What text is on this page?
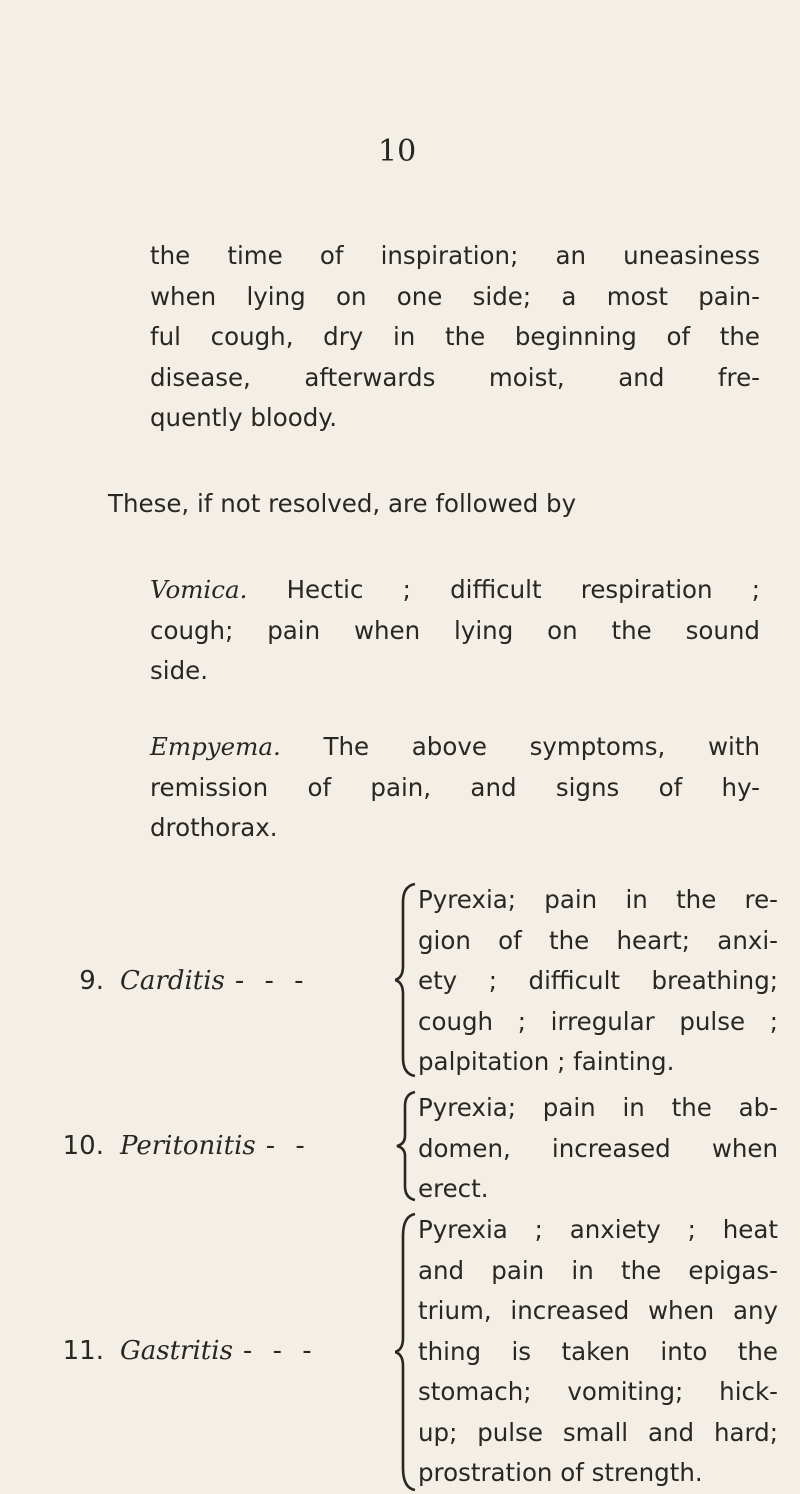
10

the time of inspiration; an uneasiness
when lying on one side; a most pain-
ful cough, dry in the beginning of the
disease, afterwards moist, and fre-
quently bloody.

These, if not resolved, are followed by

Vomica. Hectic ; difficult respiration ;
cough; pain when lying on the sound
side.

Empyema. The above symptoms, with
remission of pain, and signs of hy-
drothorax.

9. Carditis - - -
Pyrexia; pain in the re-
gion of the heart; anxi-
ety ; difficult breathing;
cough ; irregular pulse ;
palpitation ; fainting.
10. Peritonitis - -
Pyrexia; pain in the ab-
domen, increased when
erect.
11. Gastritis - - -
Pyrexia ; anxiety ; heat
and pain in the epigas-
trium, increased when any
thing is taken into the
stomach; vomiting; hick-
up; pulse small and hard;
prostration of strength.
